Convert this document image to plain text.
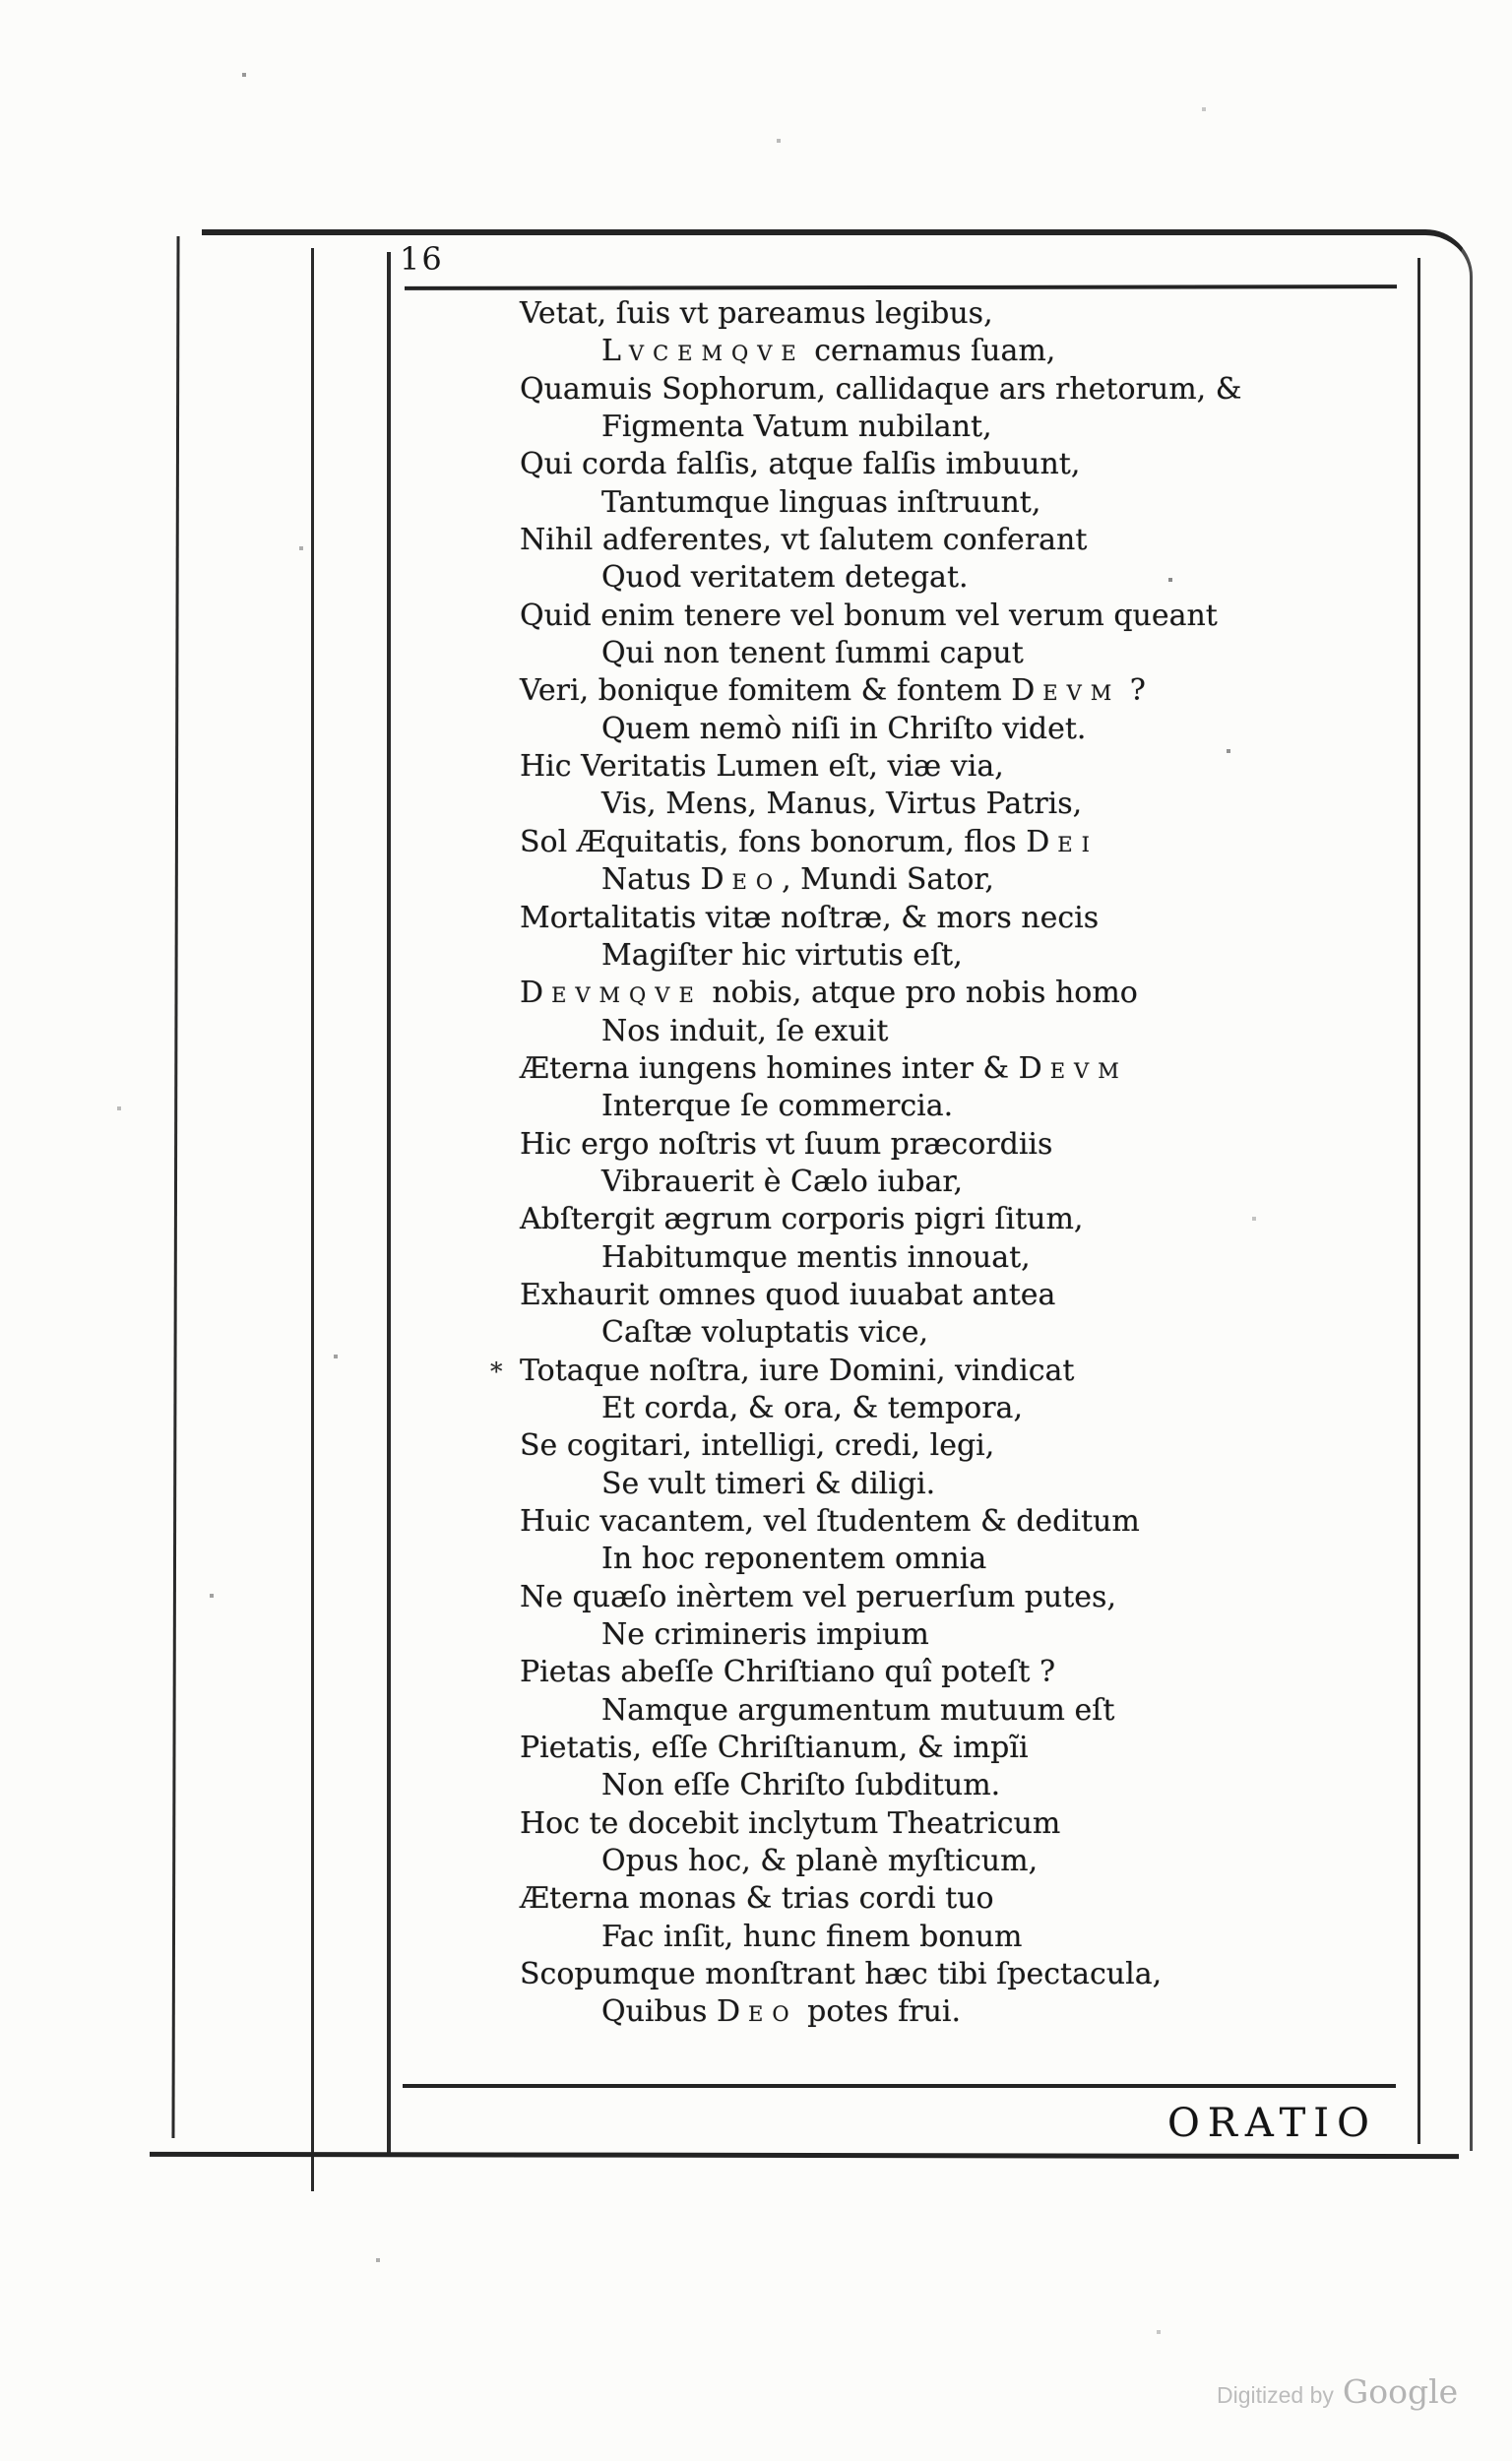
16
Vetat, ſuis vt pareamus legibus,
LVCEMQVE cernamus ſuam,
Quamuis Sophorum, callidaque ars rhetorum, &
Figmenta Vatum nubilant,
Qui corda falſis, atque falſis imbuunt,
Tantumque linguas inſtruunt,
Nihil adferentes, vt ſalutem conferant
Quod veritatem detegat.
Quid enim tenere vel bonum vel verum queant
Qui non tenent ſummi caput
Veri, bonique fomitem & fontem DEVM ?
Quem nemò niſi in Chriſto videt.
Hic Veritatis Lumen eſt, viæ via,
Vis, Mens, Manus, Virtus Patris,
Sol Æquitatis, fons bonorum, flos DEI
Natus DEO, Mundi Sator,
Mortalitatis vitæ noſtræ, & mors necis
Magiſter hic virtutis eſt,
DEVMQVE nobis, atque pro nobis homo
Nos induit, ſe exuit
Æterna iungens homines inter & DEVM
Interque ſe commercia.
Hic ergo noſtris vt ſuum præcordiis
Vibrauerit è Cælo iubar,
Abſtergit ægrum corporis pigri ſitum,
Habitumque mentis innouat,
Exhaurit omnes quod iuuabat antea
Caſtæ voluptatis vice,
* Totaque noſtra, iure Domini, vindicat
Et corda, & ora, & tempora,
Se cogitari, intelligi, credi, legi,
Se vult timeri & diligi.
Huic vacantem, vel ſtudentem & deditum
In hoc reponentem omnia
Ne quæſo inèrtem vel peruerſum putes,
Ne crimineris impium
Pietas abeſſe Chriſtiano quî poteſt ?
Namque argumentum mutuum eſt
Pietatis, eſſe Chriſtianum, & impĩi
Non eſſe Chriſto ſubditum.
Hoc te docebit inclytum Theatricum
Opus hoc, & planè myſticum,
Æterna monas & trias cordi tuo
Fac inſit, hunc finem bonum
Scopumque monſtrant hæc tibi ſpectacula,
Quibus DEO potes frui.
ORATIO
Digitized by Google
